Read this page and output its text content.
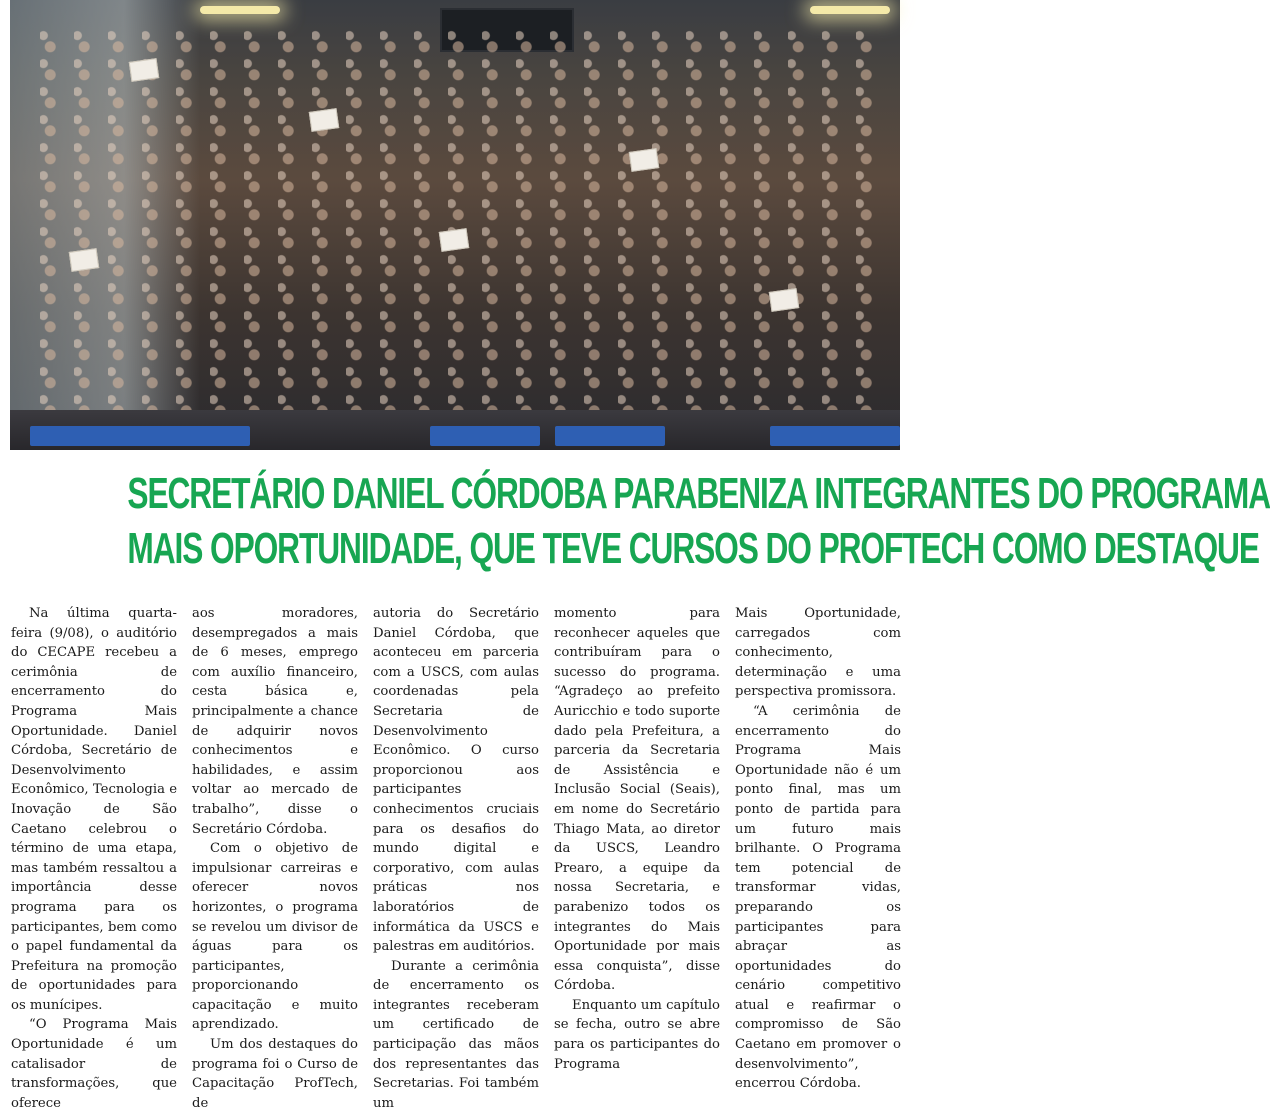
SECRETÁRIO DANIEL CÓRDOBA PARABENIZA INTEGRANTES DO PROGRAMA
MAIS OPORTUNIDADE, QUE TEVE CURSOS DO PROFTECH COMO DESTAQUE

Na última quarta-feira (9/08), o auditório do CECAPE recebeu a cerimônia de encerramento do Programa Mais Oportunidade. Daniel Córdoba, Secretário de Desenvolvimento Econômico, Tecnologia e Inovação de São Caetano celebrou o término de uma etapa, mas também ressaltou a importância desse programa para os participantes, bem como o papel fundamental da Prefeitura na promoção de oportunidades para os munícipes.

“O Programa Mais Oportunidade é um catalisador de transformações, que oferece

aos moradores, desempregados a mais de 6 meses, emprego com auxílio financeiro, cesta básica e, principalmente a chance de adquirir novos conhecimentos e habilidades, e assim voltar ao mercado de trabalho”, disse o Secretário Córdoba.

Com o objetivo de impulsionar carreiras e oferecer novos horizontes, o programa se revelou um divisor de águas para os participantes, proporcionando capacitação e muito aprendizado.

Um dos destaques do programa foi o Curso de Capacitação ProfTech, de

autoria do Secretário Daniel Córdoba, que aconteceu em parceria com a USCS, com aulas coordenadas pela Secretaria de Desenvolvimento Econômico. O curso proporcionou aos participantes conhecimentos cruciais para os desafios do mundo digital e corporativo, com aulas práticas nos laboratórios de informática da USCS e palestras em auditórios.

Durante a cerimônia de encerramento os integrantes receberam um certificado de participação das mãos dos representantes das Secretarias. Foi também um

momento para reconhecer aqueles que contribuíram para o sucesso do programa. “Agradeço ao prefeito Auricchio e todo suporte dado pela Prefeitura, a parceria da Secretaria de Assistência e Inclusão Social (Seais), em nome do Secretário Thiago Mata, ao diretor da USCS, Leandro Prearo, a equipe da nossa Secretaria, e parabenizo todos os integrantes do Mais Oportunidade por mais essa conquista”, disse Córdoba.

Enquanto um capítulo se fecha, outro se abre para os participantes do Programa

Mais Oportunidade, carregados com conhecimento, determinação e uma perspectiva promissora.

“A cerimônia de encerramento do Programa Mais Oportunidade não é um ponto final, mas um ponto de partida para um futuro mais brilhante. O Programa tem potencial de transformar vidas, preparando os participantes para abraçar as oportunidades do cenário competitivo atual e reafirmar o compromisso de São Caetano em promover o desenvolvimento”, encerrou Córdoba.
